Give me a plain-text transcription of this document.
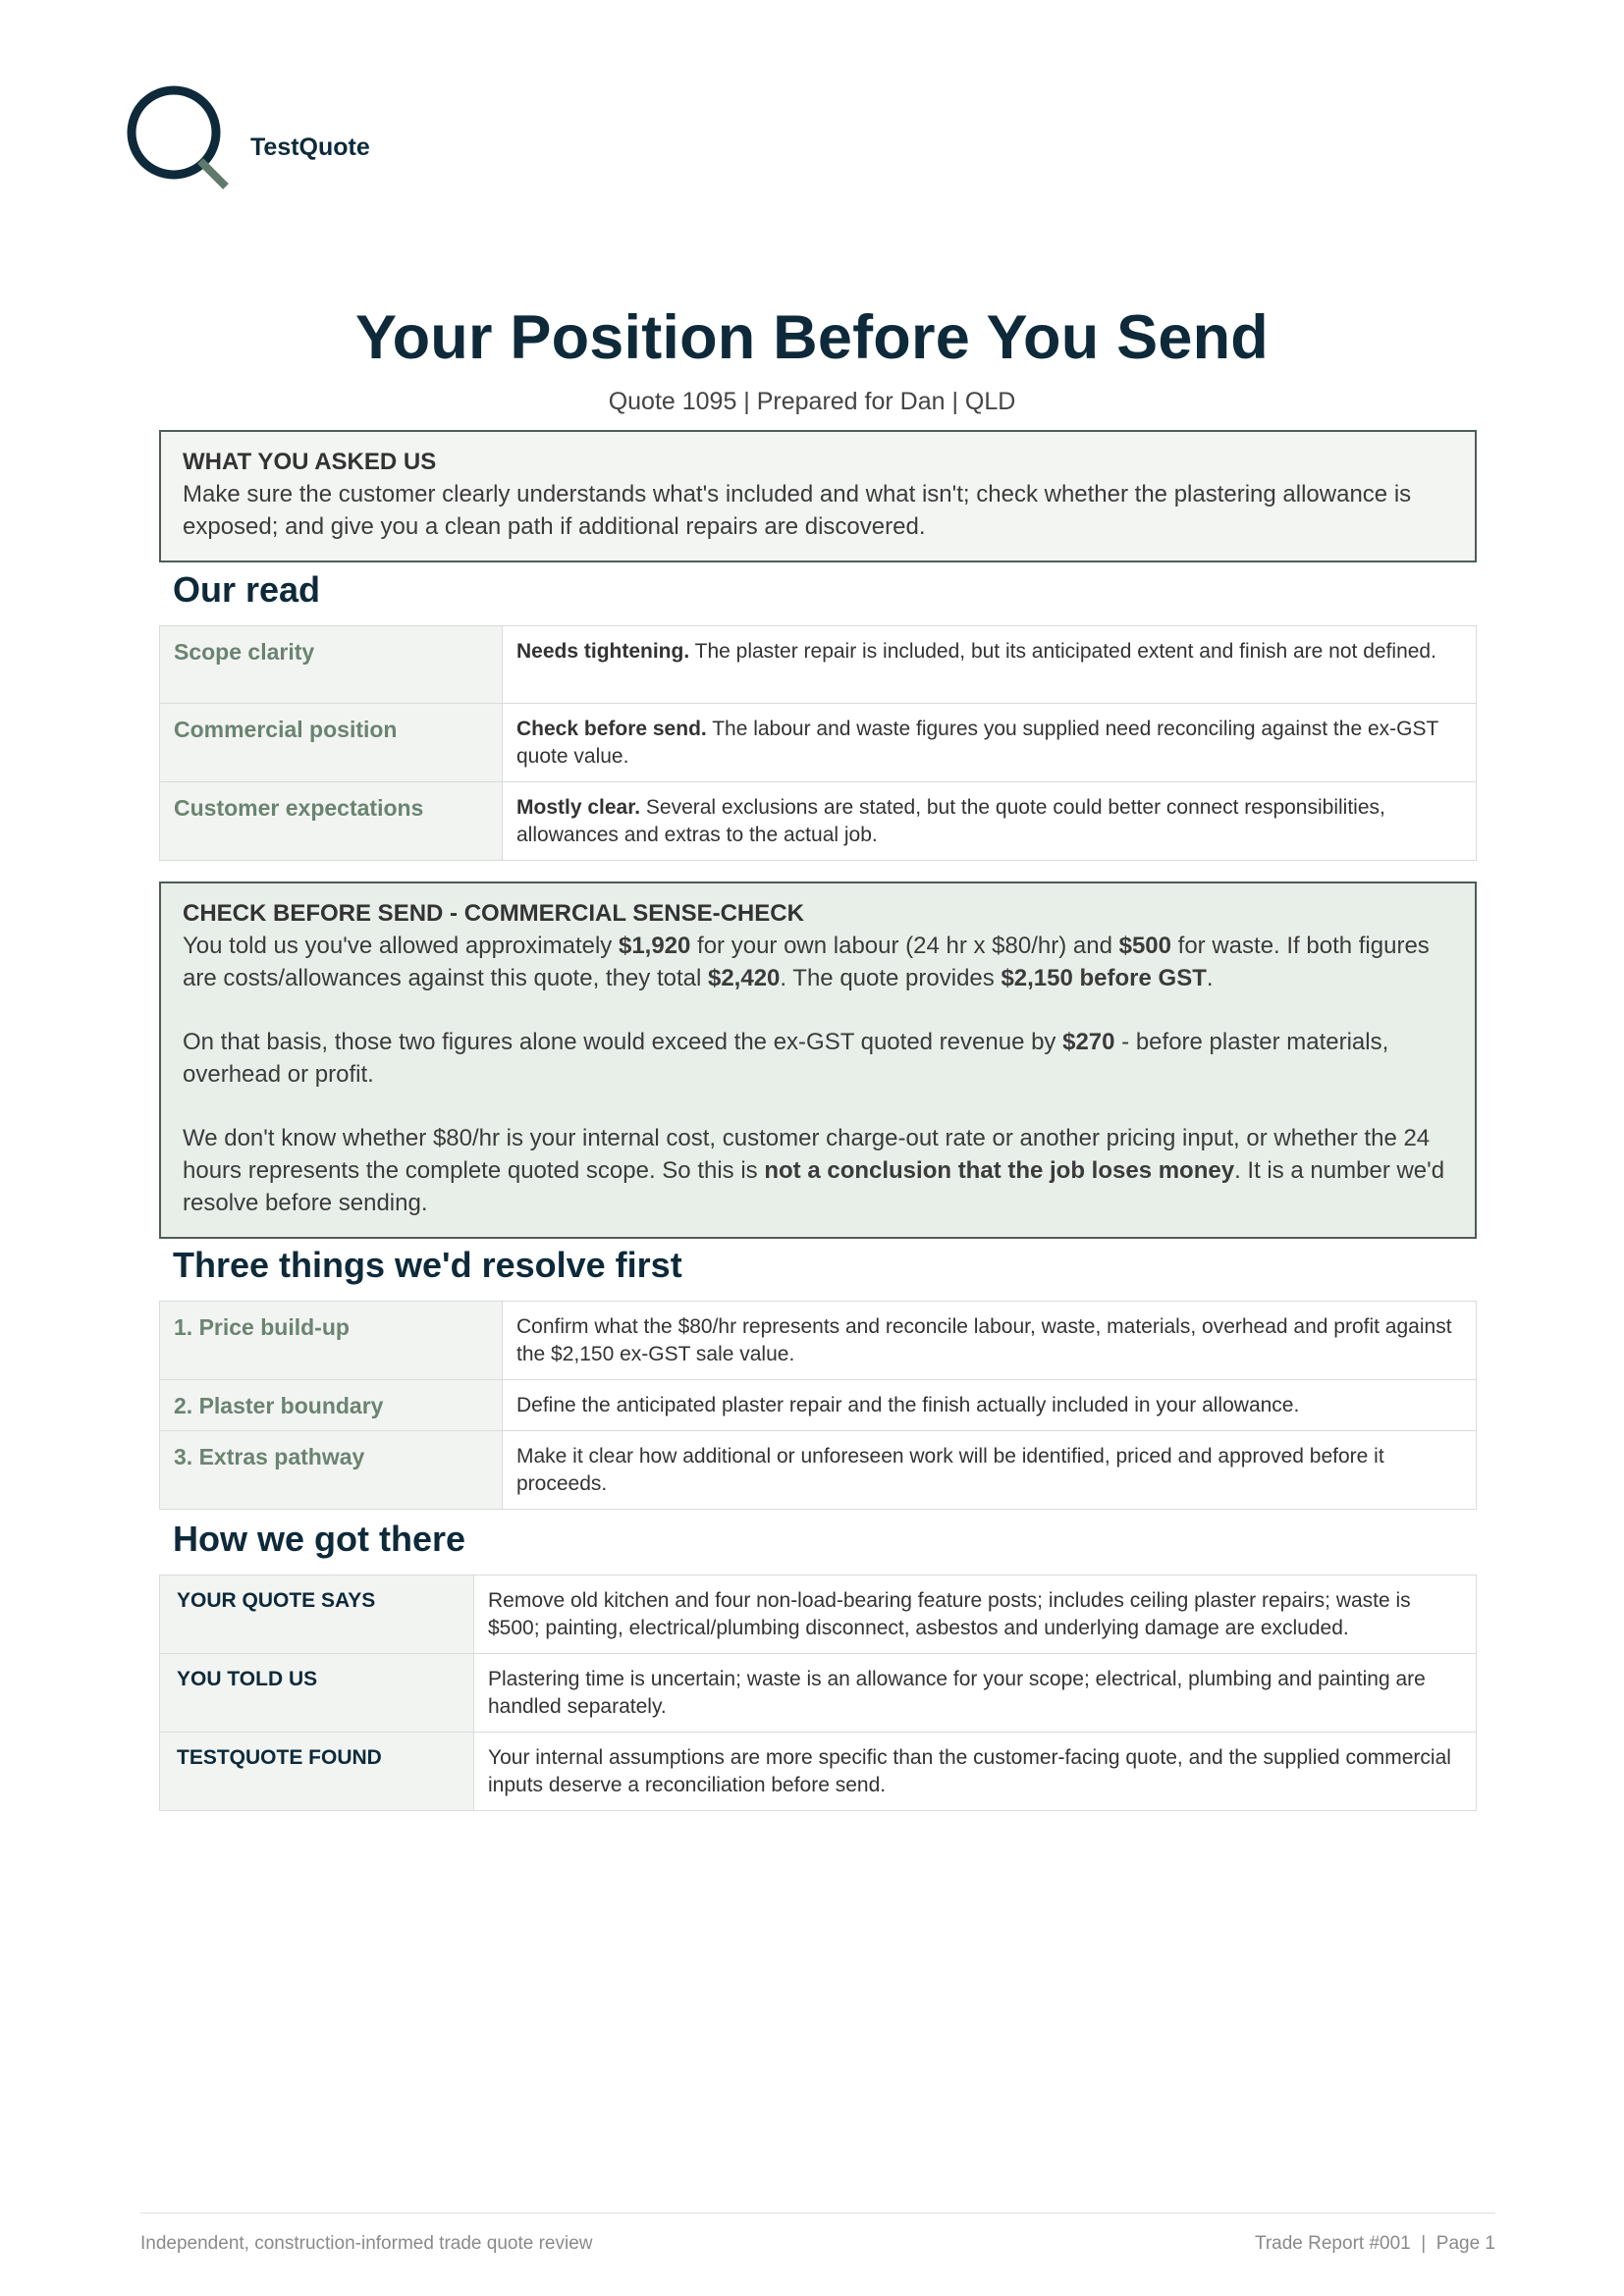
TestQuote
Your Position Before You Send
Quote 1095 | Prepared for Dan | QLD
WHAT YOU ASKED US

Make sure the customer clearly understands what's included and what isn't; check whether the plastering allowance is exposed; and give you a clean path if additional repairs are discovered.

Our read
Scope clarity	Needs tightening. The plaster repair is included, but its anticipated extent and finish are not defined.
Commercial position	Check before send. The labour and waste figures you supplied need reconciling against the ex-GST quote value.
Customer expectations	Mostly clear. Several exclusions are stated, but the quote could better connect responsibilities, allowances and extras to the actual job.
CHECK BEFORE SEND - COMMERCIAL SENSE-CHECK

You told us you've allowed approximately $1,920 for your own labour (24 hr x $80/hr) and $500 for waste. If both figures are costs/allowances against this quote, they total $2,420. The quote provides $2,150 before GST.

On that basis, those two figures alone would exceed the ex-GST quoted revenue by $270 - before plaster materials, overhead or profit.

We don't know whether $80/hr is your internal cost, customer charge-out rate or another pricing input, or whether the 24 hours represents the complete quoted scope. So this is not a conclusion that the job loses money. It is a number we'd resolve before sending.

Three things we'd resolve first
1. Price build-up	Confirm what the $80/hr represents and reconcile labour, waste, materials, overhead and profit against the $2,150 ex-GST sale value.
2. Plaster boundary	Define the anticipated plaster repair and the finish actually included in your allowance.
3. Extras pathway	Make it clear how additional or unforeseen work will be identified, priced and approved before it proceeds.
How we got there
YOUR QUOTE SAYS	Remove old kitchen and four non-load-bearing feature posts; includes ceiling plaster repairs; waste is $500; painting, electrical/plumbing disconnect, asbestos and underlying damage are excluded.
YOU TOLD US	Plastering time is uncertain; waste is an allowance for your scope; electrical, plumbing and painting are handled separately.
TESTQUOTE FOUND	Your internal assumptions are more specific than the customer-facing quote, and the supplied commercial inputs deserve a reconciliation before send.
Independent, construction-informed trade quote review	Trade Report #001  |  Page 1
